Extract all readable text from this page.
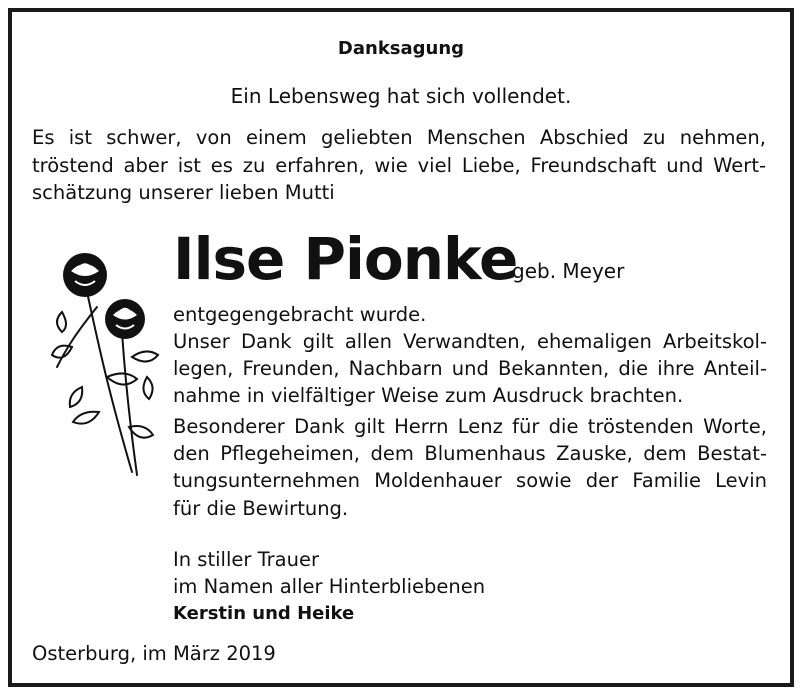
Danksagung
Ein Lebensweg hat sich vollendet.
Es ist schwer, von einem geliebten Menschen Abschied zu nehmen,
tröstend aber ist es zu erfahren, wie viel Liebe, Freundschaft und Wert-
schätzung unserer lieben Mutti
Ilse Pionke
geb. Meyer
entgegengebracht wurde.
Unser Dank gilt allen Verwandten, ehemaligen Arbeitskol-
legen, Freunden, Nachbarn und Bekannten, die ihre Anteil-
nahme in vielfältiger Weise zum Ausdruck brachten.
Besonderer Dank gilt Herrn Lenz für die tröstenden Worte,
den Pflegeheimen, dem Blumenhaus Zauske, dem Bestat-
tungsunternehmen Moldenhauer sowie der Familie Levin
für die Bewirtung.
In stiller Trauer
im Namen aller Hinterbliebenen
Kerstin und Heike
Osterburg, im März 2019
